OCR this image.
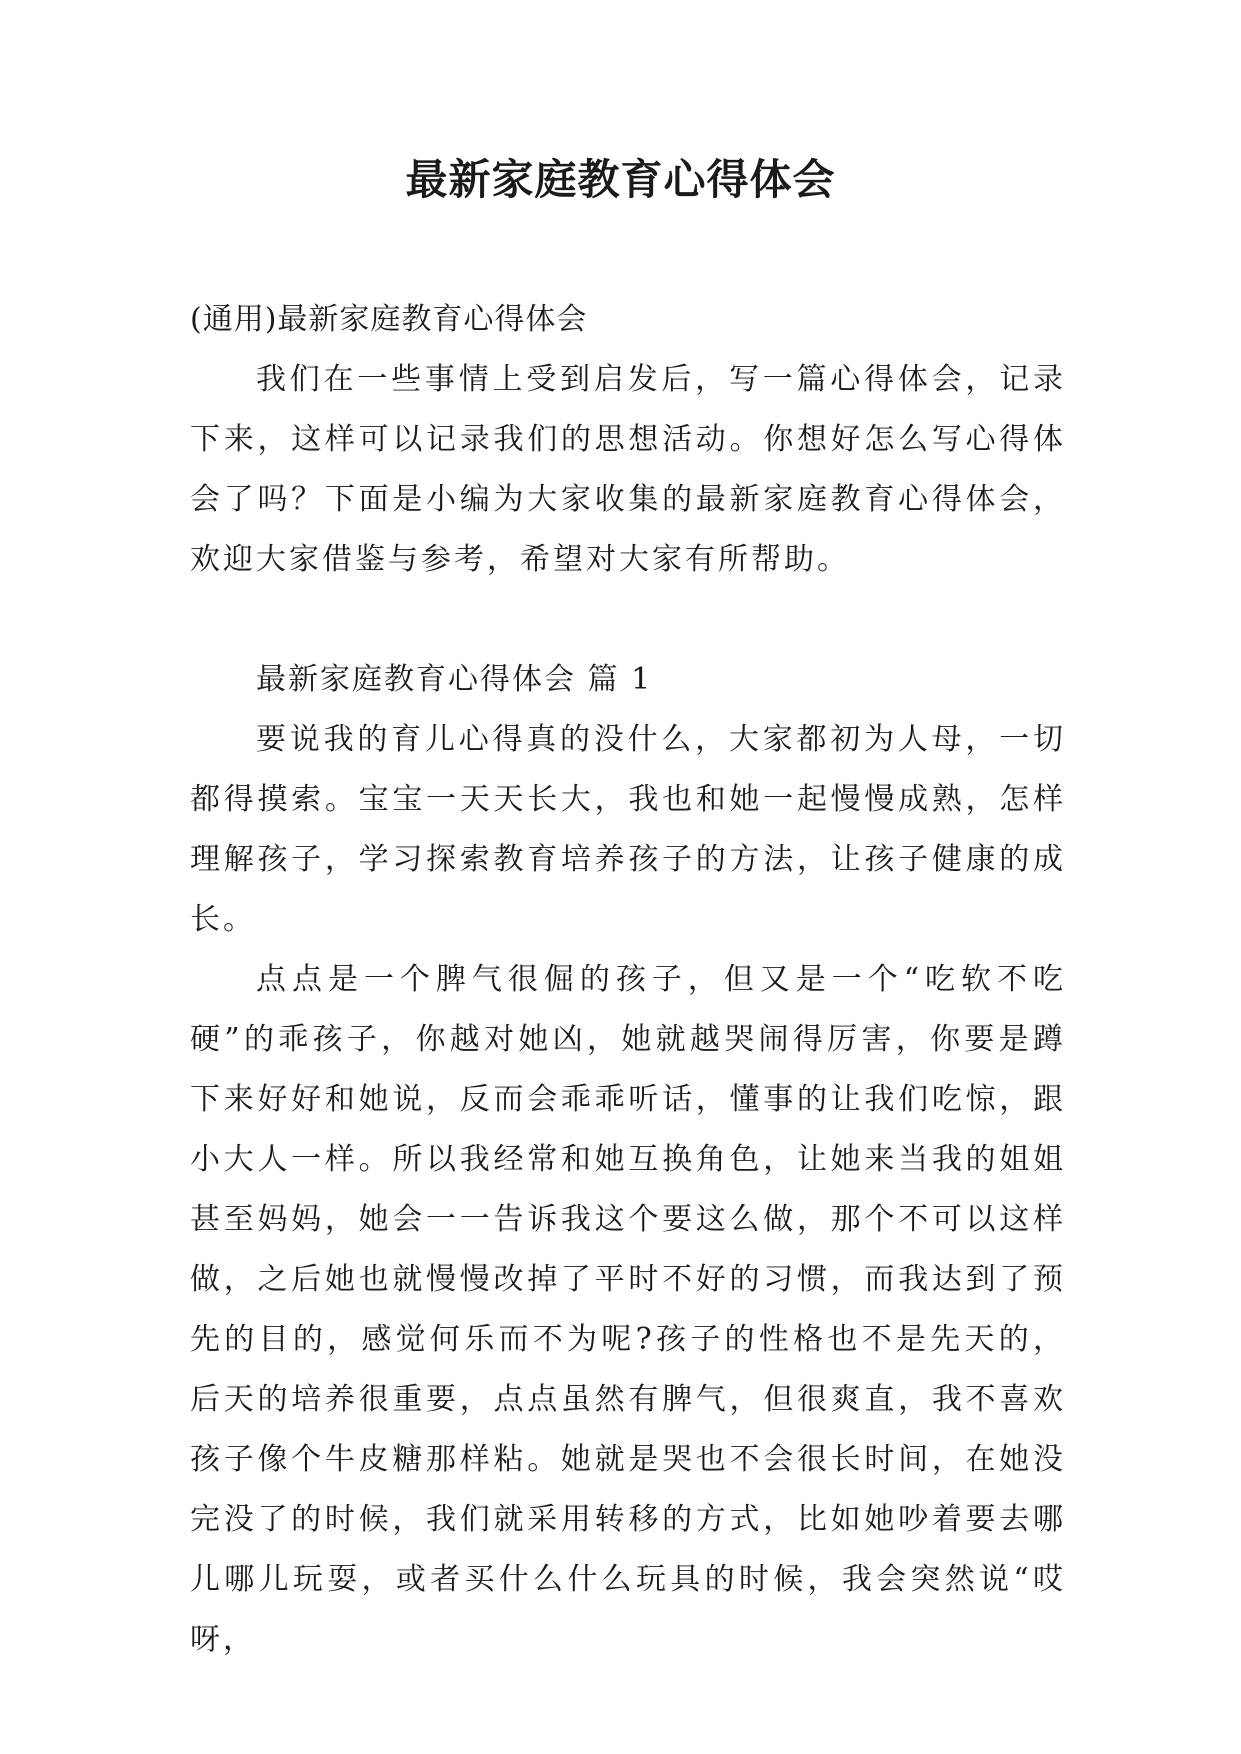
最新家庭教育心得体会

(通用)最新家庭教育心得体会

我们在一些事情上受到启发后，写一篇心得体会，记录下来，这样可以记录我们的思想活动。你想好怎么写心得体会了吗？下面是小编为大家收集的最新家庭教育心得体会，欢迎大家借鉴与参考，希望对大家有所帮助。

最新家庭教育心得体会 篇 1

要说我的育儿心得真的没什么，大家都初为人母，一切都得摸索。宝宝一天天长大，我也和她一起慢慢成熟，怎样理解孩子，学习探索教育培养孩子的方法，让孩子健康的成长。

点点是一个脾气很倔的孩子，但又是一个“吃软不吃硬”的乖孩子，你越对她凶，她就越哭闹得厉害，你要是蹲下来好好和她说，反而会乖乖听话，懂事的让我们吃惊，跟小大人一样。所以我经常和她互换角色，让她来当我的姐姐甚至妈妈，她会一一告诉我这个要这么做，那个不可以这样做，之后她也就慢慢改掉了平时不好的习惯，而我达到了预先的目的，感觉何乐而不为呢?孩子的性格也不是先天的，后天的培养很重要，点点虽然有脾气，但很爽直，我不喜欢孩子像个牛皮糖那样粘。她就是哭也不会很长时间，在她没完没了的时候，我们就采用转移的方式，比如她吵着要去哪儿哪儿玩耍，或者买什么什么玩具的时候，我会突然说“哎呀，
